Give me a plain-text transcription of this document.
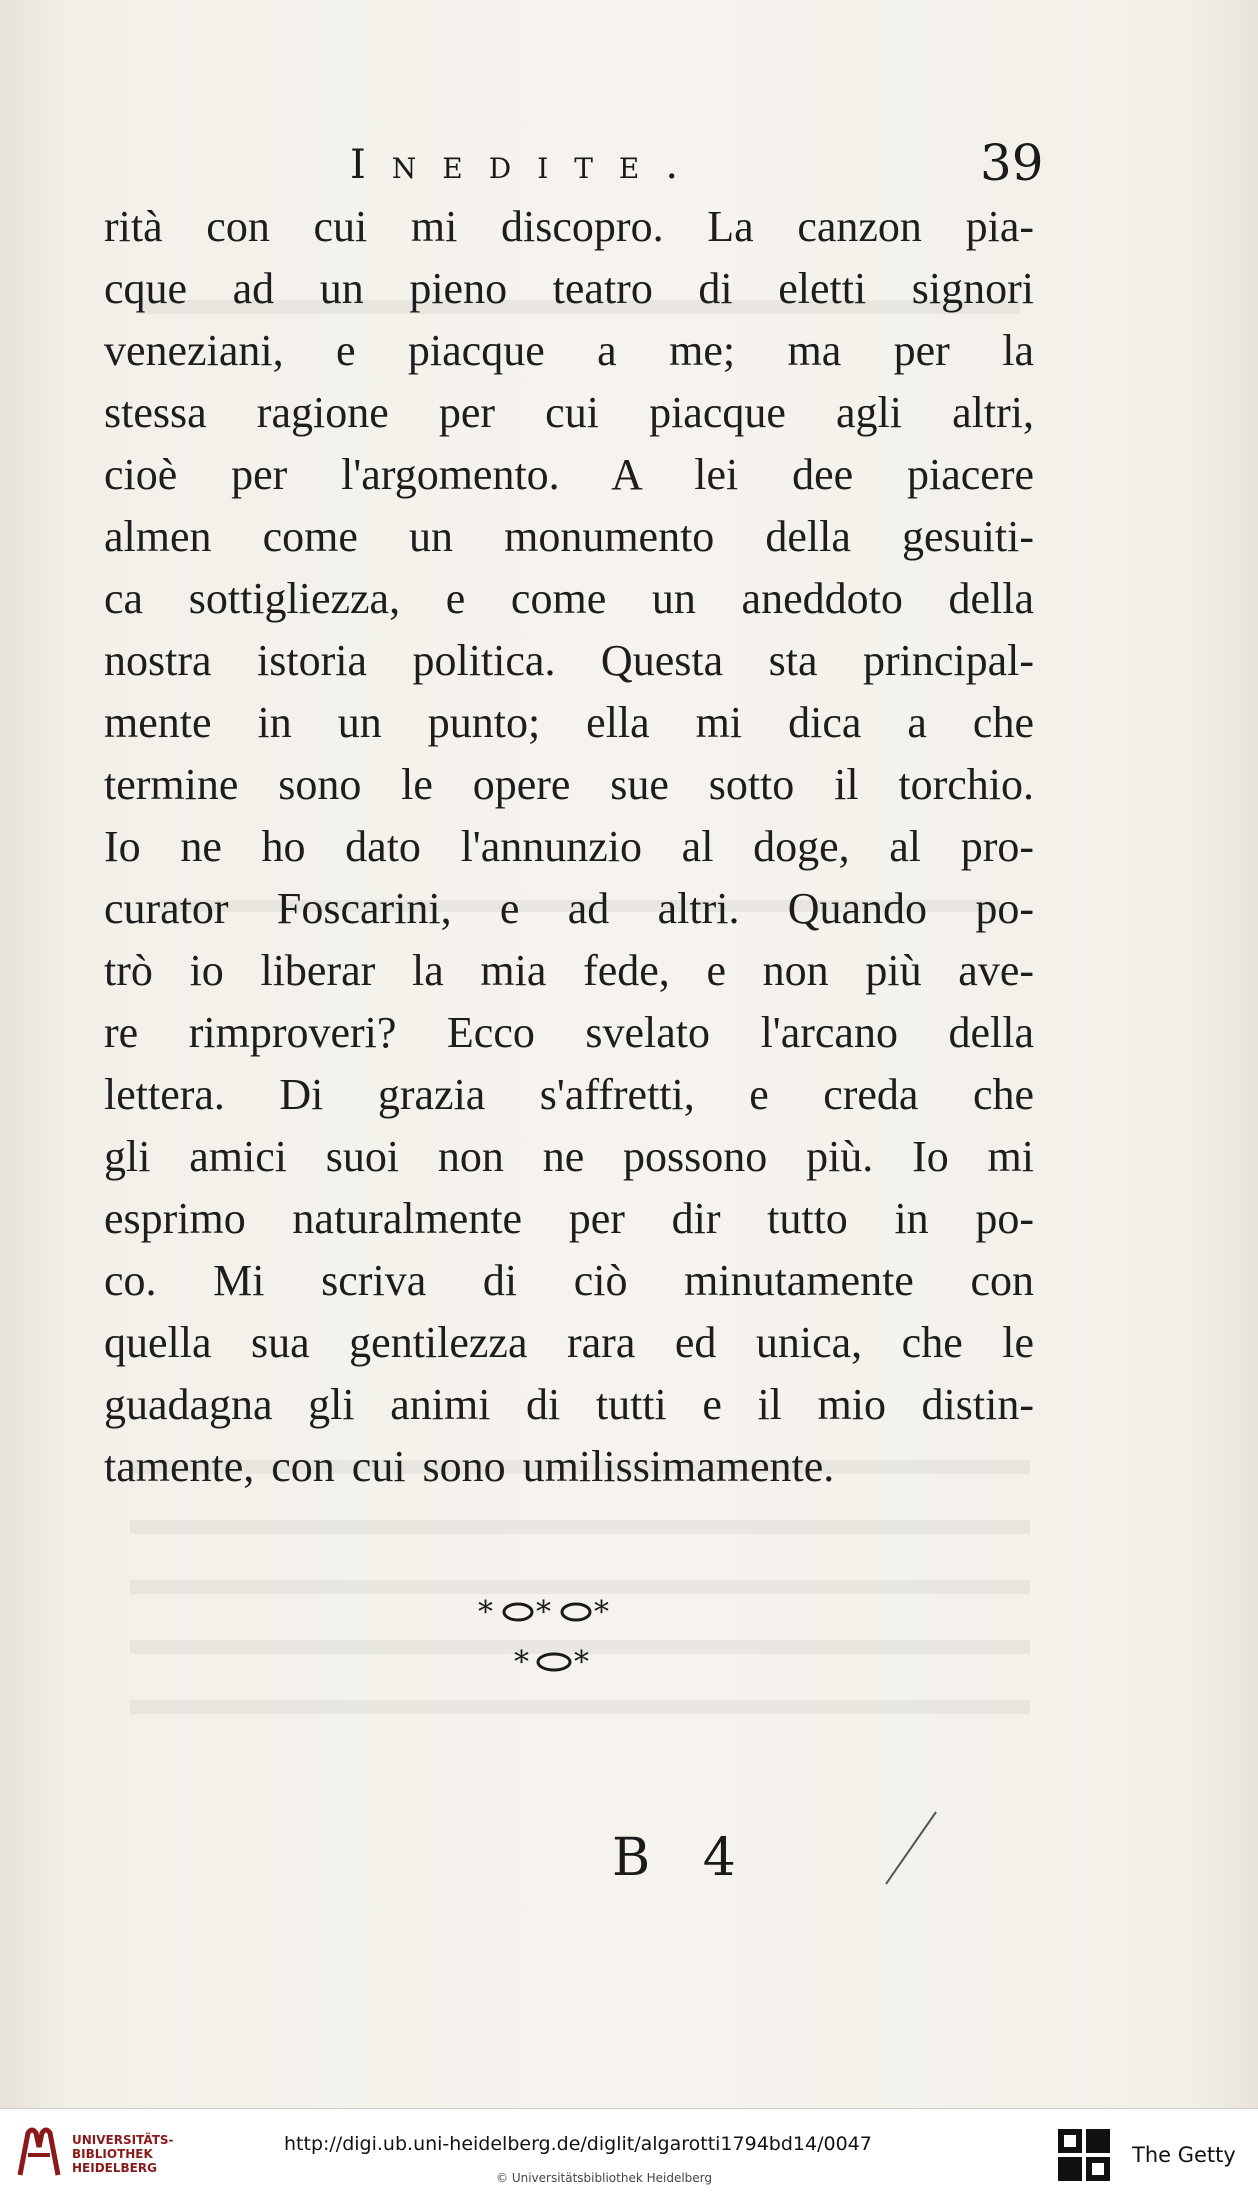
Inedite.	39
rità con cui mi discopro. La canzon pia-
cque ad un pieno teatro di eletti signori
veneziani, e piacque a me; ma per la
stessa ragione per cui piacque agli altri,
cioè per l'argomento. A lei dee piacere
almen come un monumento della gesuiti-
ca sottigliezza, e come un aneddoto della
nostra istoria politica. Questa sta principal-
mente in un punto; ella mi dica a che
termine sono le opere sue sotto il torchio.
Io ne ho dato l'annunzio al doge, al pro-
curator Foscarini, e ad altri. Quando po-
trò io liberar la mia fede, e non più ave-
re rimproveri? Ecco svelato l'arcano della
lettera. Di grazia s'affretti, e creda che
gli amici suoi non ne possono più. Io mi
esprimo naturalmente per dir tutto in po-
co. Mi scriva di ciò minutamente con
quella sua gentilezza rara ed unica, che le
guadagna gli animi di tutti e il mio distin-
tamente, con cui sono umilissimamente.
* * *
* *
B 4
UNIVERSITÄTS-
BIBLIOTHEK
HEIDELBERG
http://digi.ub.uni-heidelberg.de/diglit/algarotti1794bd14/0047
© Universitätsbibliothek Heidelberg
The Getty
